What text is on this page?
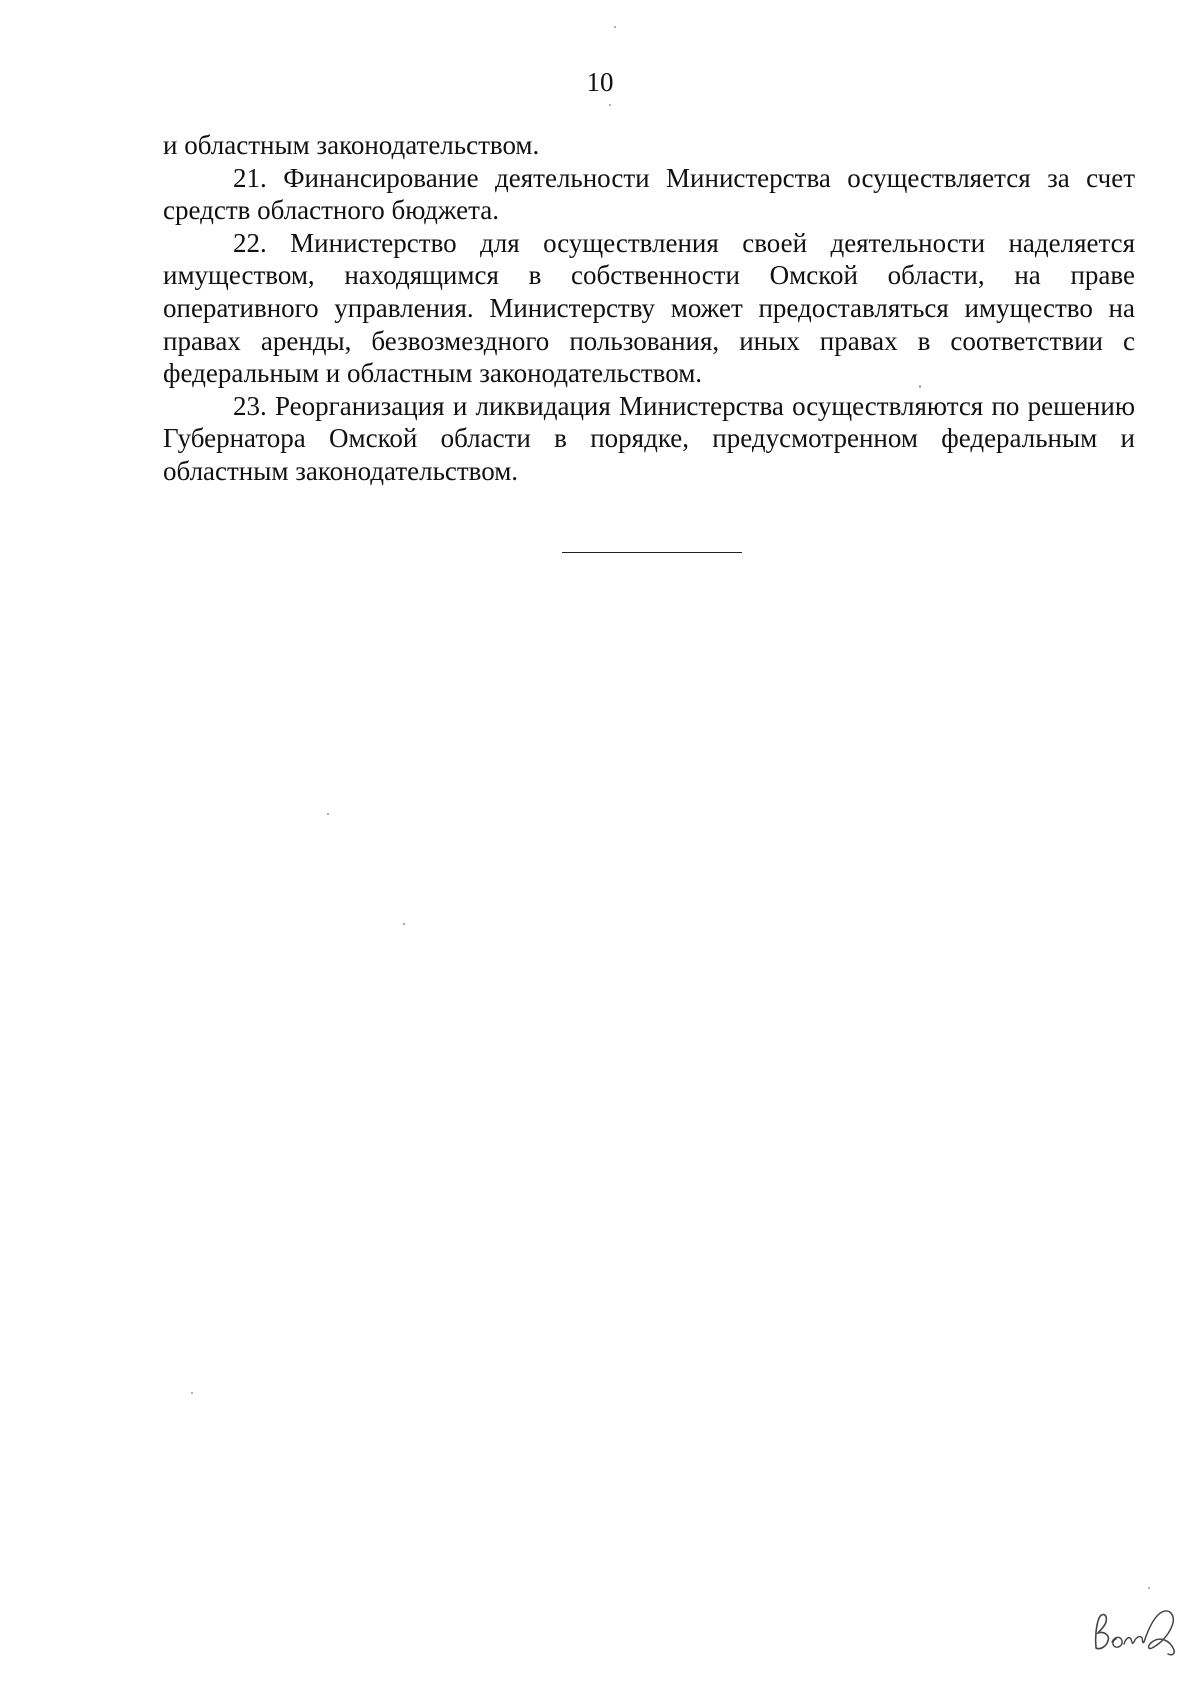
10

и областным законодательством.

21. Финансирование деятельности Министерства осуществляется за счет средств областного бюджета.

22. Министерство для осуществления своей деятельности наделяется имуществом, находящимся в собственности Омской области, на праве оперативного управления. Министерству может предоставляться имущество на правах аренды, безвозмездного пользования, иных правах в соответствии с федеральным и областным законодательством.

23. Реорганизация и ликвидация Министерства осуществляются по решению Губернатора Омской области в порядке, предусмотренном федеральным и областным законодательством.
